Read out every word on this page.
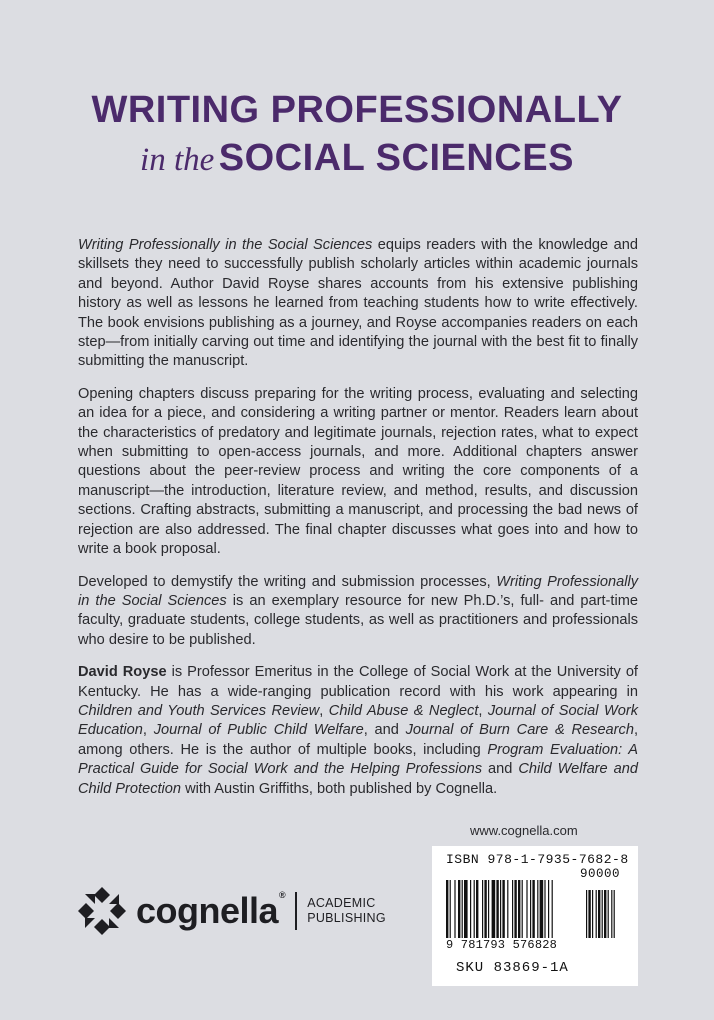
WRITING PROFESSIONALLY
in the SOCIAL SCIENCES

Writing Professionally in the Social Sciences equips readers with the knowledge and skillsets they need to successfully publish scholarly articles within academic journals and beyond. Author David Royse shares accounts from his extensive publishing history as well as lessons he learned from teaching students how to write effectively. The book envisions publishing as a journey, and Royse accompanies readers on each step—from initially carving out time and identifying the journal with the best fit to finally submitting the manuscript.

Opening chapters discuss preparing for the writing process, evaluating and selecting an idea for a piece, and considering a writing partner or mentor. Readers learn about the characteristics of predatory and legitimate journals, rejection rates, what to expect when submitting to open-access journals, and more. Additional chapters answer questions about the peer-review process and writing the core components of a manuscript—the introduction, literature review, and method, results, and discussion sections. Crafting abstracts, submitting a manuscript, and processing the bad news of rejection are also addressed. The final chapter discusses what goes into and how to write a book proposal.

Developed to demystify the writing and submission processes, Writing Professionally in the Social Sciences is an exemplary resource for new Ph.D.’s, full- and part-time faculty, graduate students, college students, as well as practitioners and professionals who desire to be published.

David Royse is Professor Emeritus in the College of Social Work at the University of Kentucky. He has a wide-ranging publication record with his work appearing in Children and Youth Services Review, Child Abuse & Neglect, Journal of Social Work Education, Journal of Public Child Welfare, and Journal of Burn Care & Research, among others. He is the author of multiple books, including Program Evaluation: A Practical Guide for Social Work and the Helping Professions and Child Welfare and Child Protection with Austin Griffiths, both published by Cognella.

www.cognella.com
cognella®
ACADEMIC
PUBLISHING
ISBN 978-1-7935-7682-8
90000
9 781793 576828
SKU 83869-1A
